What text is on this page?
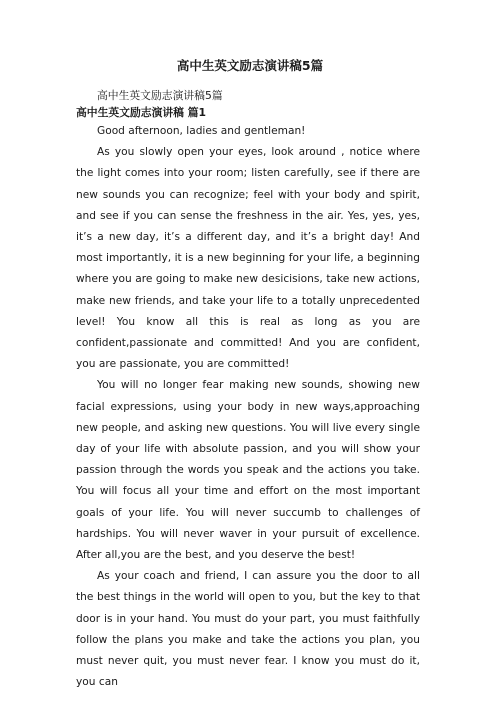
高中生英文励志演讲稿5篇
高中生英文励志演讲稿5篇
高中生英文励志演讲稿 篇1
Good afternoon, ladies and gentleman!

As you slowly open your eyes, look around , notice where the light comes into your room; listen carefully, see if there are new sounds you can recognize; feel with your body and spirit, and see if you can sense the freshness in the air. Yes, yes, yes, it’s a new day, it’s a different day, and it’s a bright day! And most importantly, it is a new beginning for your life, a beginning where you are going to make new desicisions, take new actions, make new friends, and take your life to a totally unprecedented level! You know all this is real as long as you are confident,passionate and committed! And you are confident, you are passionate, you are committed!

You will no longer fear making new sounds, showing new facial expressions, using your body in new ways,approaching new people, and asking new questions. You will live every single day of your life with absolute passion, and you will show your passion through the words you speak and the actions you take. You will focus all your time and effort on the most important goals of your life. You will never succumb to challenges of hardships. You will never waver in your pursuit of excellence. After all,you are the best, and you deserve the best!

As your coach and friend, I can assure you the door to all the best things in the world will open to you, but the key to that door is in your hand. You must do your part, you must faithfully follow the plans you make and take the actions you plan, you must never quit, you must never fear. I know you must do it, you can
